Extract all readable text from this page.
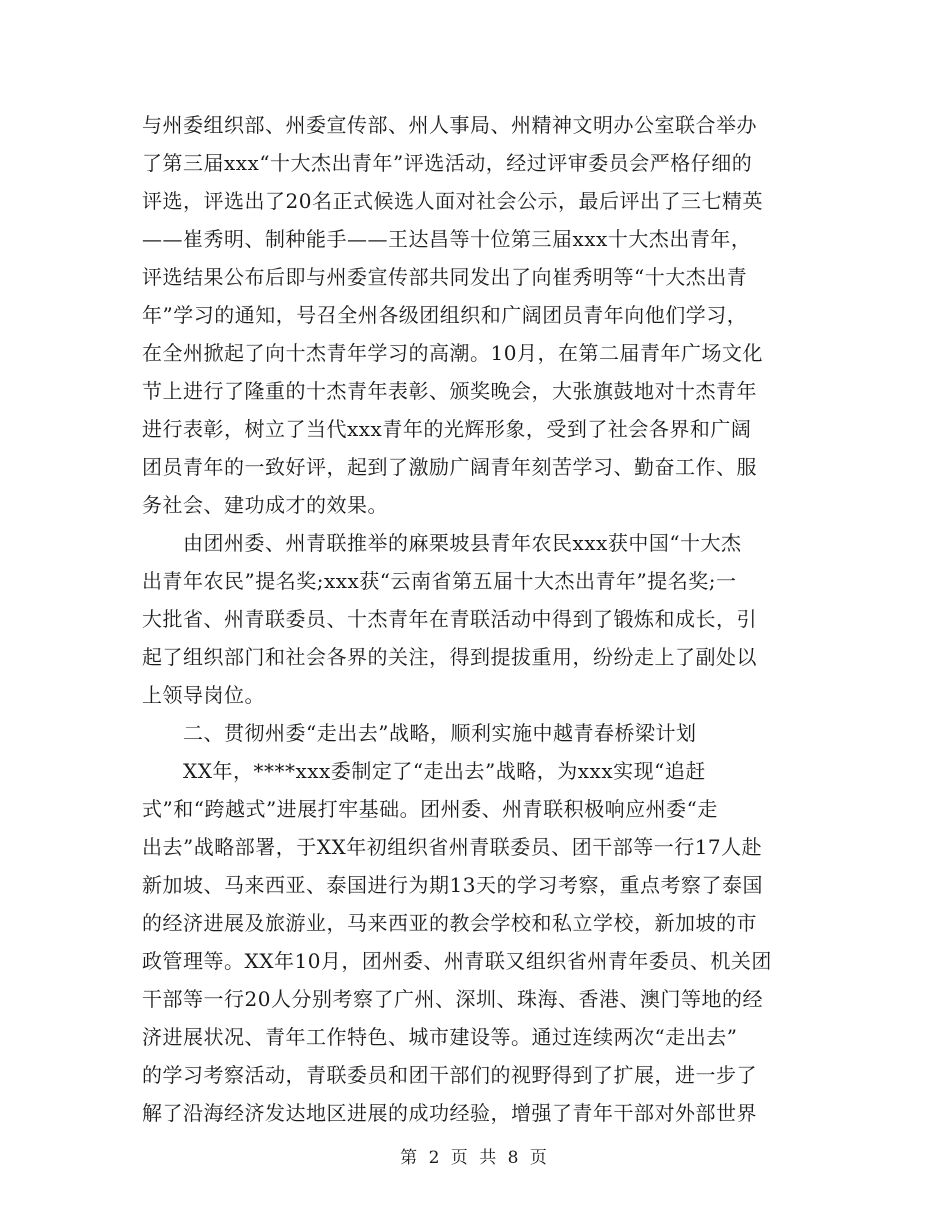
与州委组织部、州委宣传部、州人事局、州精神文明办公室联合举办
了第三届xxx“十大杰出青年”评选活动，经过评审委员会严格仔细的
评选，评选出了20名正式候选人面对社会公示，最后评出了三七精英
——崔秀明、制种能手——王达昌等十位第三届xxx十大杰出青年，
评选结果公布后即与州委宣传部共同发出了向崔秀明等“十大杰出青
年”学习的通知，号召全州各级团组织和广阔团员青年向他们学习，
在全州掀起了向十杰青年学习的高潮。10月，在第二届青年广场文化
节上进行了隆重的十杰青年表彰、颁奖晚会，大张旗鼓地对十杰青年
进行表彰，树立了当代xxx青年的光辉形象，受到了社会各界和广阔
团员青年的一致好评，起到了激励广阔青年刻苦学习、勤奋工作、服
务社会、建功成才的效果。
　　由团州委、州青联推举的麻栗坡县青年农民xxx获中国“十大杰
出青年农民”提名奖;xxx获“云南省第五届十大杰出青年”提名奖;一
大批省、州青联委员、十杰青年在青联活动中得到了锻炼和成长，引
起了组织部门和社会各界的关注，得到提拔重用，纷纷走上了副处以
上领导岗位。
　　二、贯彻州委“走出去”战略，顺利实施中越青春桥梁计划
　　XX年，****xxx委制定了“走出去”战略，为xxx实现“追赶
式”和“跨越式”进展打牢基础。团州委、州青联积极响应州委“走
出去”战略部署，于XX年初组织省州青联委员、团干部等一行17人赴
新加坡、马来西亚、泰国进行为期13天的学习考察，重点考察了泰国
的经济进展及旅游业，马来西亚的教会学校和私立学校，新加坡的市
政管理等。XX年10月，团州委、州青联又组织省州青年委员、机关团
干部等一行20人分别考察了广州、深圳、珠海、香港、澳门等地的经
济进展状况、青年工作特色、城市建设等。通过连续两次“走出去”
的学习考察活动，青联委员和团干部们的视野得到了扩展，进一步了
解了沿海经济发达地区进展的成功经验，增强了青年干部对外部世界
第 2 页 共 8 页
